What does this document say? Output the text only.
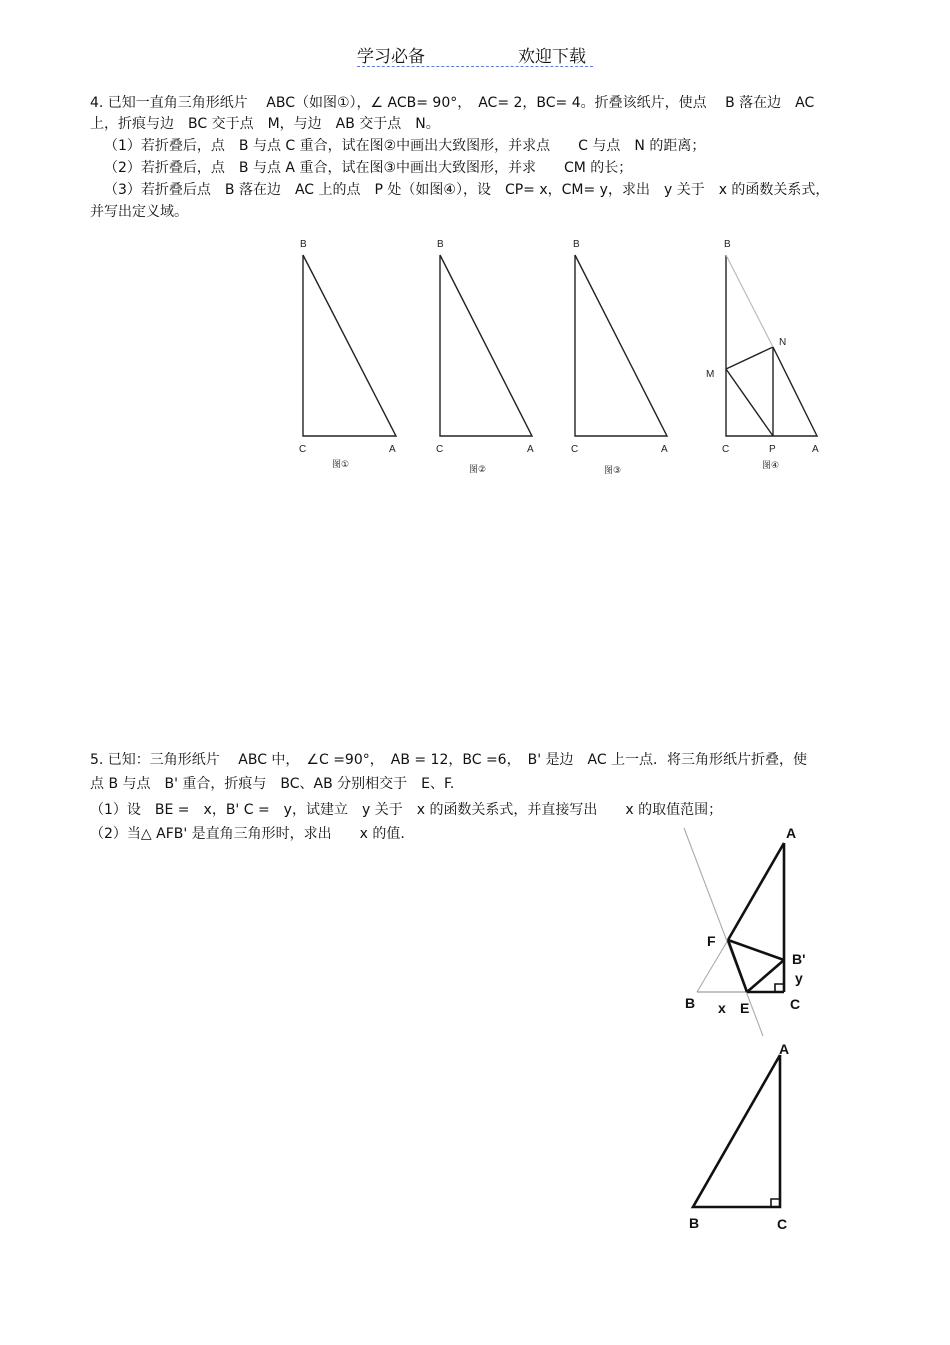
学习必备	欢迎下载
4. 已知一直角三角形纸片　 ABC（如图①），∠ ACB= 90°，　AC= 2，BC= 4。折叠该纸片，使点　 B 落在边　AC
上，折痕与边　BC 交于点　M，与边　AB 交于点　N。
（1）若折叠后，点　B 与点 C 重合，试在图②中画出大致图形，并求点　　C 与点　N 的距离；
（2）若折叠后，点　B 与点 A 重合，试在图③中画出大致图形，并求　　CM 的长；
（3）若折叠后点　B 落在边　AC 上的点　P 处（如图④），设　CP= x，CM= y，求出　y 关于　x 的函数关系式，
并写出定义域。
5. 已知：三角形纸片　 ABC 中，　∠C =90°，　AB = 12，BC =6，　B' 是边　AC 上一点．将三角形纸片折叠，使
点 B 与点　B' 重合，折痕与　BC、AB 分别相交于　E、F.
（1）设　BE =　x，B' C =　y，试建立　y 关于　x 的函数关系式，并直接写出　　x 的取值范围；
（2）当△ AFB' 是直角三角形时，求出　　x 的值.
B
C	A
图①
B
C	A
图②
B
C	A
图③
B
N
M
C	P	A
图④
A
F
B'
y
B x E	C
A
B	C
